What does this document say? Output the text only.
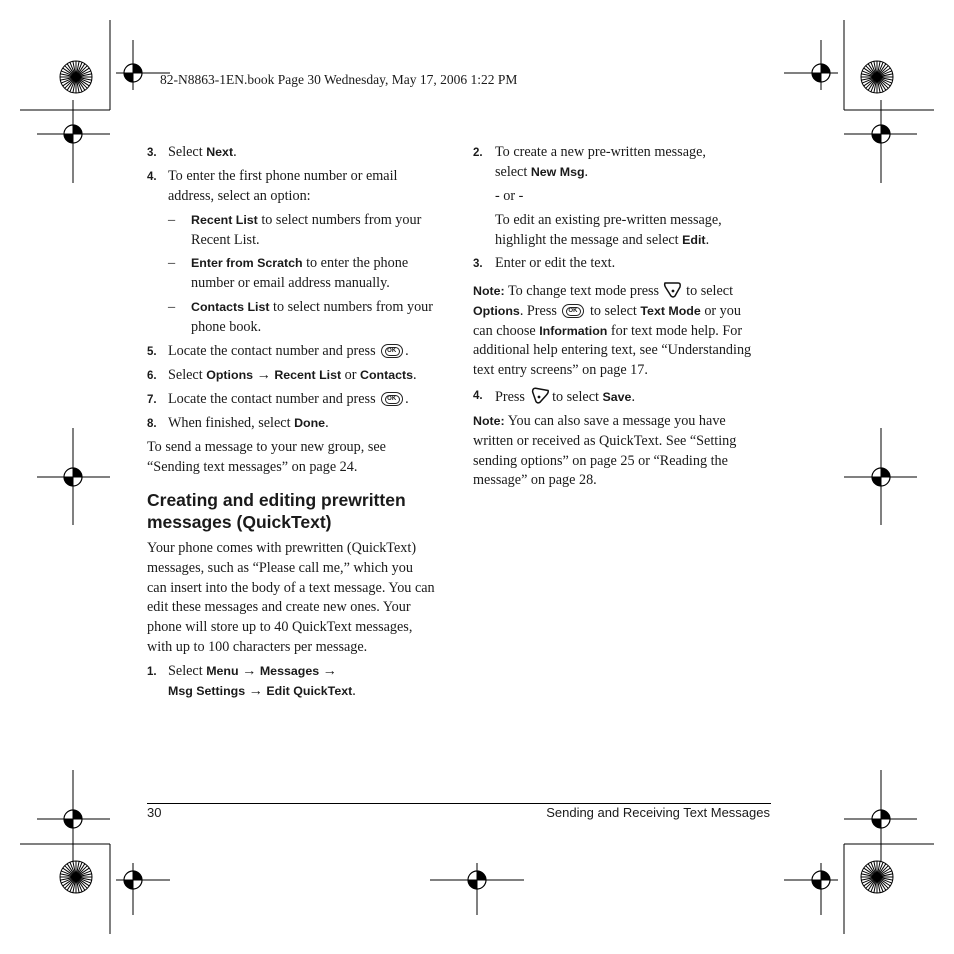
82-N8863-1EN.book Page 30 Wednesday, May 17, 2006 1:22 PM
3. Select Next.
4. To enter the first phone number or email
address, select an option:
– Recent List to select numbers from your
Recent List.
– Enter from Scratch to enter the phone
number or email address manually.
– Contacts List to select numbers from your
phone book.
5. Locate the contact number and press OK .
6. Select Options → Recent List or Contacts.
7. Locate the contact number and press OK .
8. When finished, select Done.
To send a message to your new group, see
“Sending text messages” on page 24.
Creating and editing prewritten
messages (QuickText)
Your phone comes with prewritten (QuickText)
messages, such as “Please call me,” which you
can insert into the body of a text message. You can
edit these messages and create new ones. Your
phone will store up to 40 QuickText messages,
with up to 100 characters per message.
1. Select Menu → Messages →
Msg Settings → Edit QuickText.
2. To create a new pre-written message,
select New Msg.
- or -
To edit an existing pre-written message,
highlight the message and select Edit.
3. Enter or edit the text.
Note: To change text mode press  to select
Options. Press OK to select Text Mode or you
can choose Information for text mode help. For
additional help entering text, see “Understanding
text entry screens” on page 17.
4. Press  to select Save.
Note: You can also save a message you have
written or received as QuickText. See “Setting
sending options” on page 25 or “Reading the
message” on page 28.
30	Sending and Receiving Text Messages
